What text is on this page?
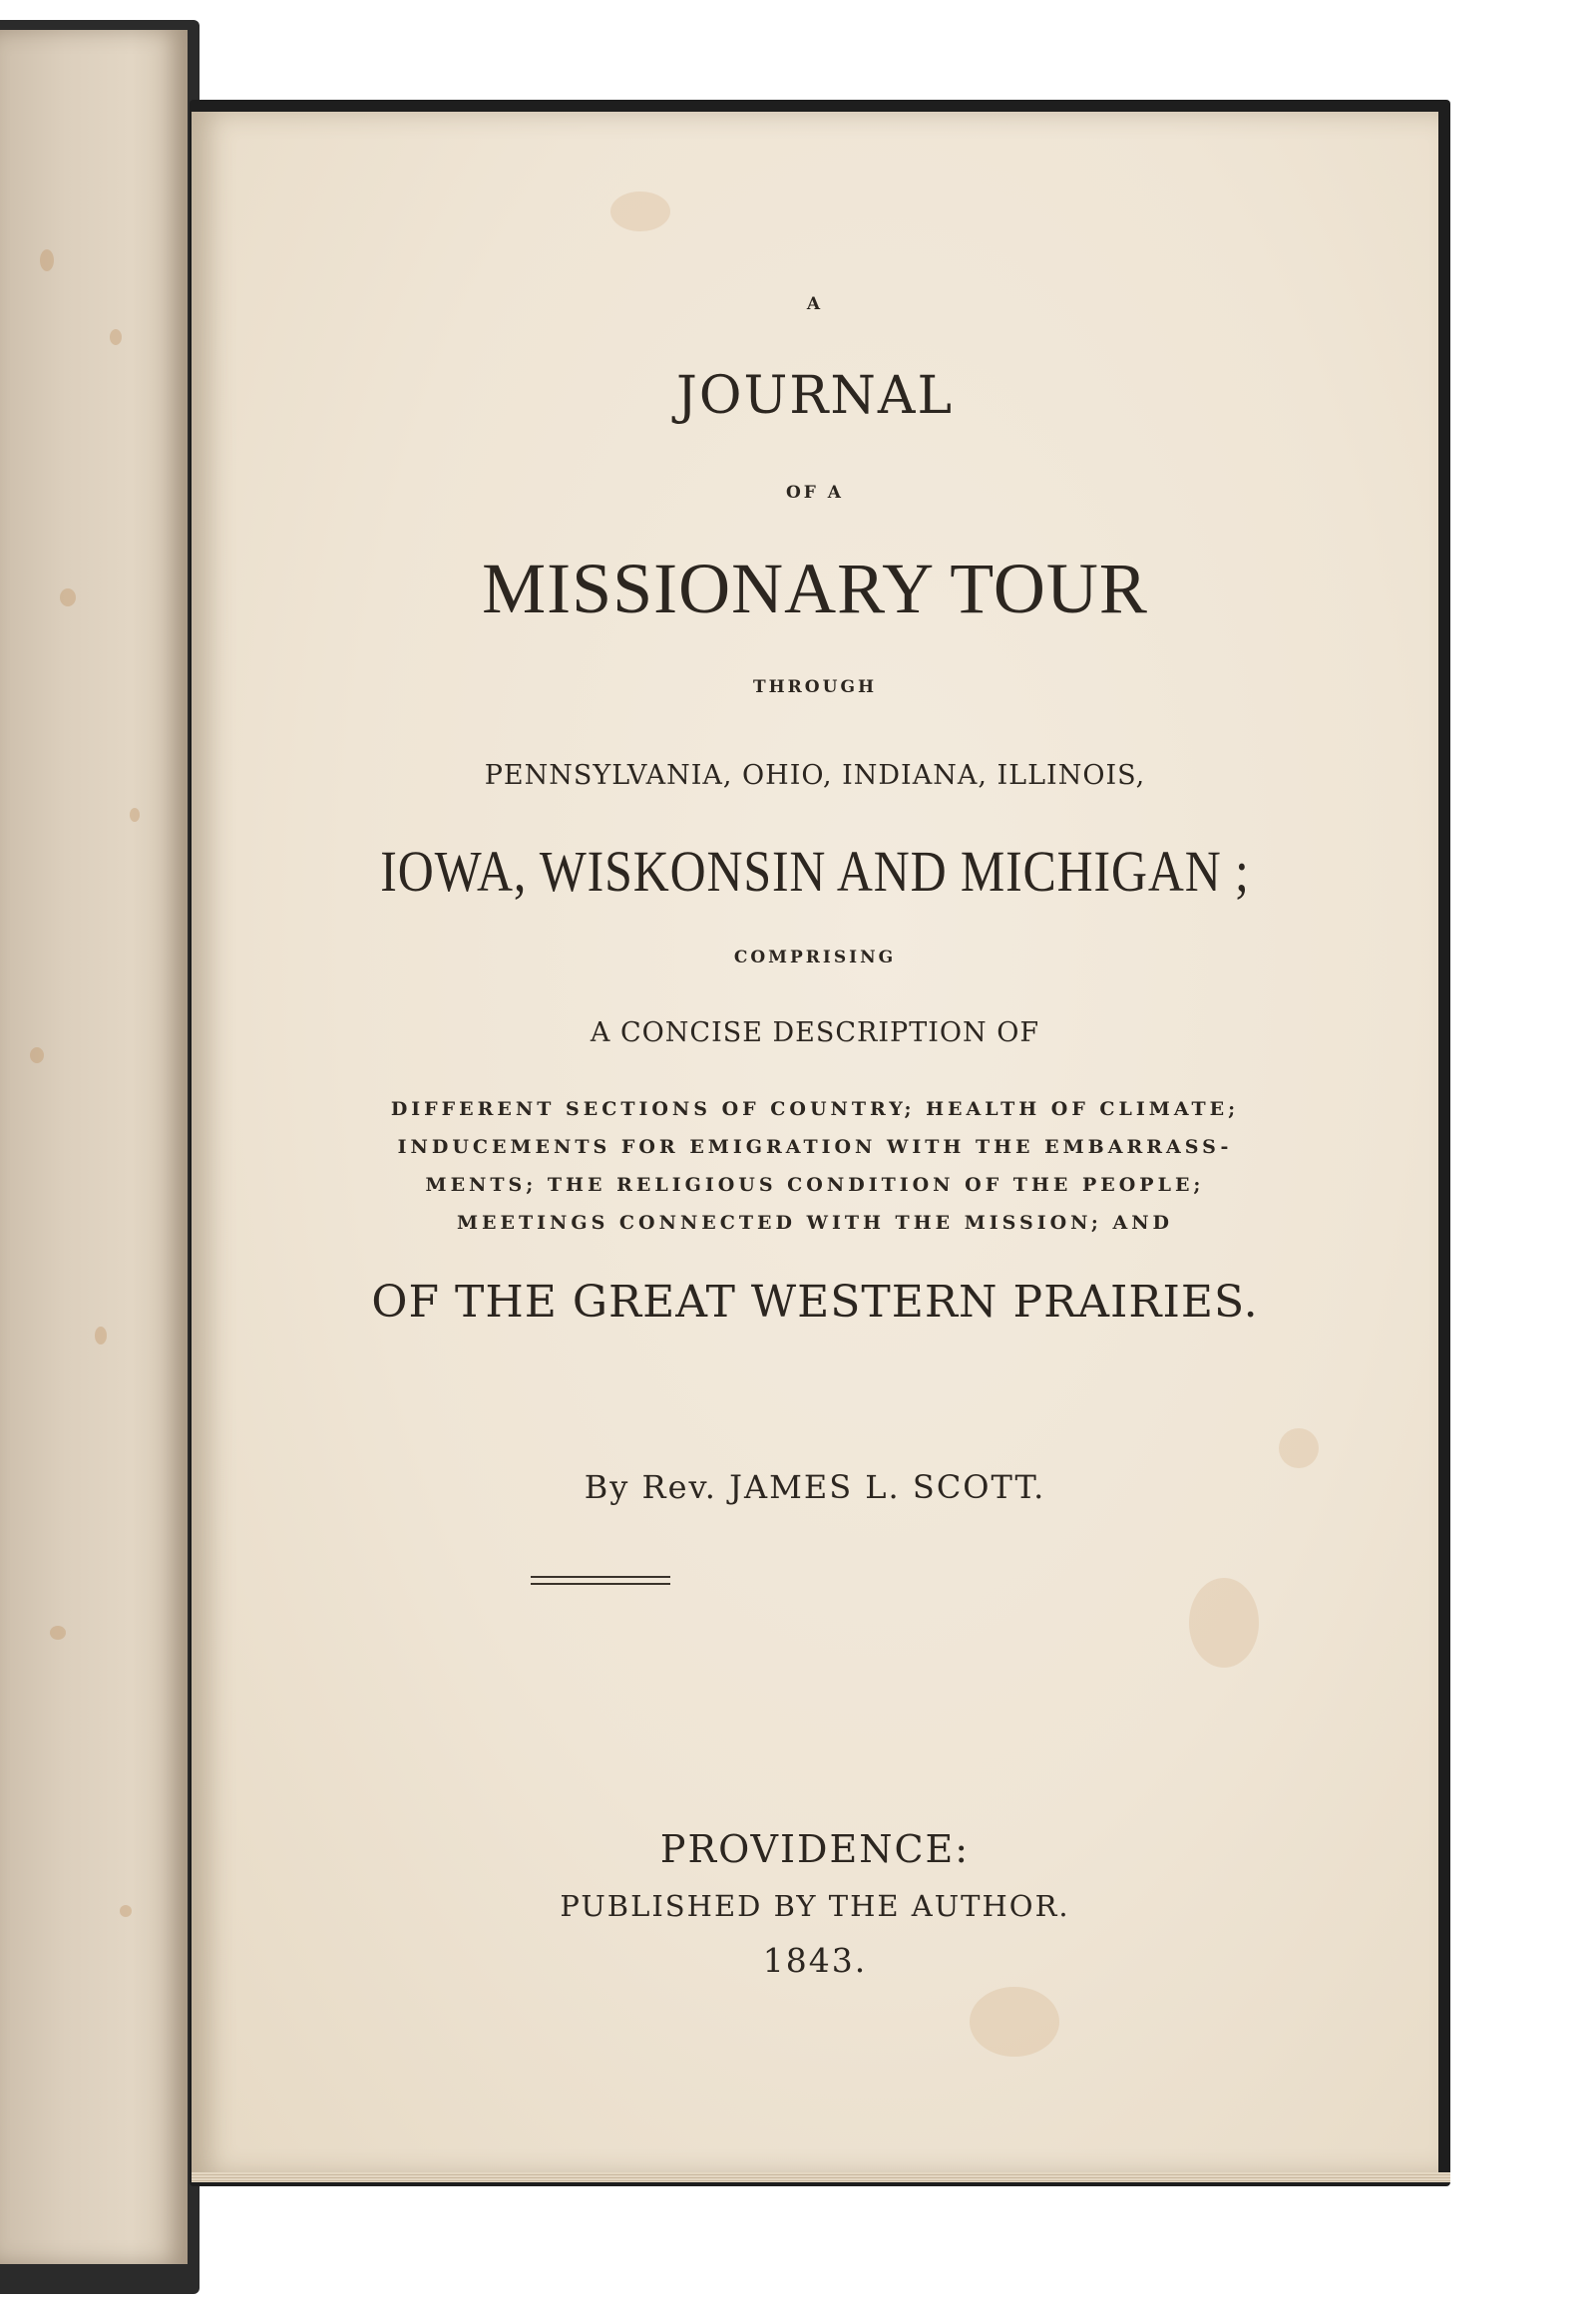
A
JOURNAL
OF A
MISSIONARY TOUR
THROUGH
PENNSYLVANIA, OHIO, INDIANA, ILLINOIS,
IOWA, WISKONSIN AND MICHIGAN ;
COMPRISING
A CONCISE DESCRIPTION OF
DIFFERENT SECTIONS OF COUNTRY; HEALTH OF CLIMATE;
INDUCEMENTS FOR EMIGRATION WITH THE EMBARRASS-
MENTS; THE RELIGIOUS CONDITION OF THE PEOPLE;
MEETINGS CONNECTED WITH THE MISSION; AND
OF THE GREAT WESTERN PRAIRIES.
By Rev. JAMES L. SCOTT.
PROVIDENCE:
PUBLISHED BY THE AUTHOR.
1843.
